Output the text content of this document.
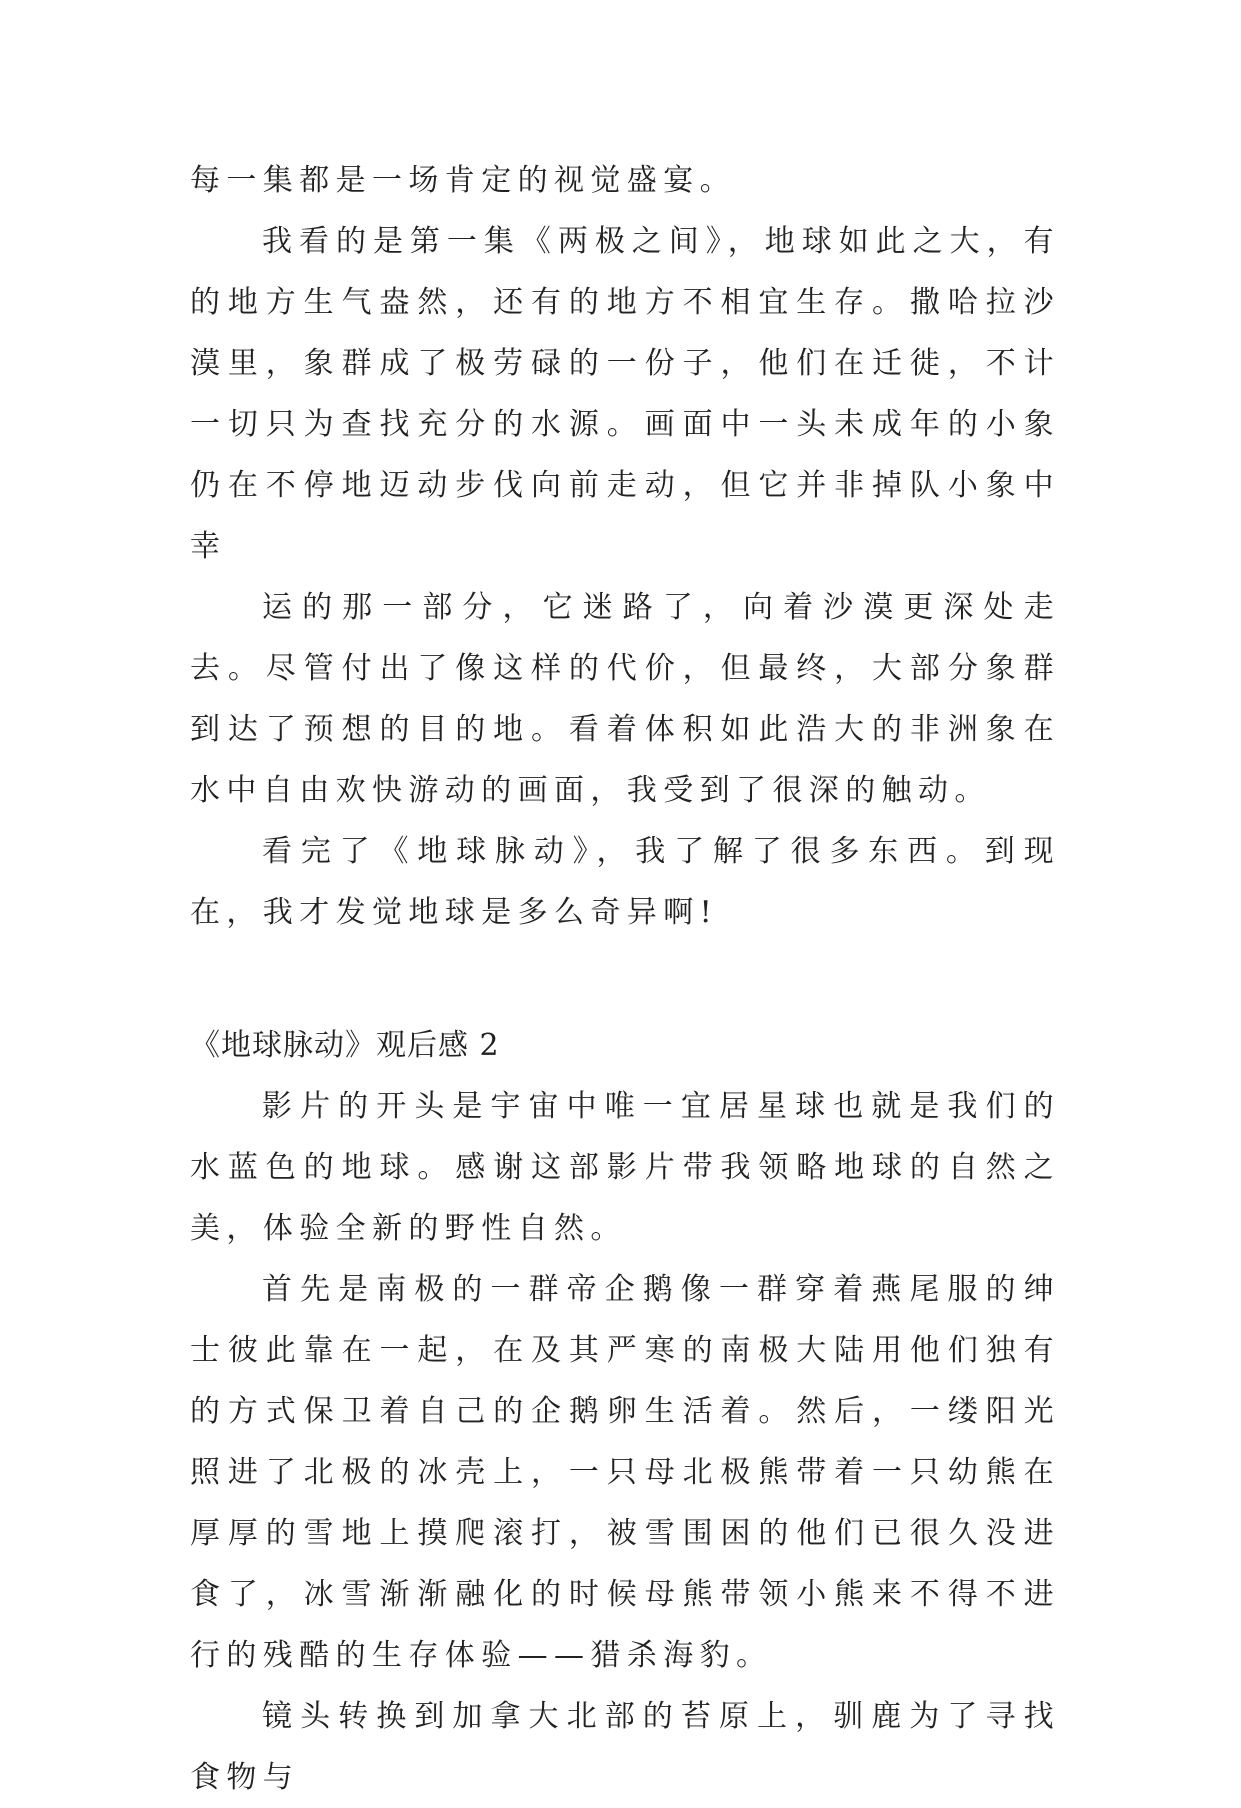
每一集都是一场肯定的视觉盛宴。

我看的是第一集《两极之间》，地球如此之大，有的地方生气盎然，还有的地方不相宜生存。撒哈拉沙漠里，象群成了极劳碌的一份子，他们在迁徙，不计一切只为查找充分的水源。画面中一头未成年的小象仍在不停地迈动步伐向前走动，但它并非掉队小象中幸

运的那一部分，它迷路了，向着沙漠更深处走去。尽管付出了像这样的代价，但最终，大部分象群到达了预想的目的地。看着体积如此浩大的非洲象在水中自由欢快游动的画面，我受到了很深的触动。

看完了《地球脉动》，我了解了很多东西。到现在，我才发觉地球是多么奇异啊!

《地球脉动》观后感 2

影片的开头是宇宙中唯一宜居星球也就是我们的水蓝色的地球。感谢这部影片带我领略地球的自然之美，体验全新的野性自然。

首先是南极的一群帝企鹅像一群穿着燕尾服的绅士彼此靠在一起，在及其严寒的南极大陆用他们独有的方式保卫着自己的企鹅卵生活着。然后，一缕阳光照进了北极的冰壳上，一只母北极熊带着一只幼熊在厚厚的雪地上摸爬滚打，被雪围困的他们已很久没进食了，冰雪渐渐融化的时候母熊带领小熊来不得不进行的残酷的生存体验——猎杀海豹。

镜头转换到加拿大北部的苔原上，驯鹿为了寻找食物与
